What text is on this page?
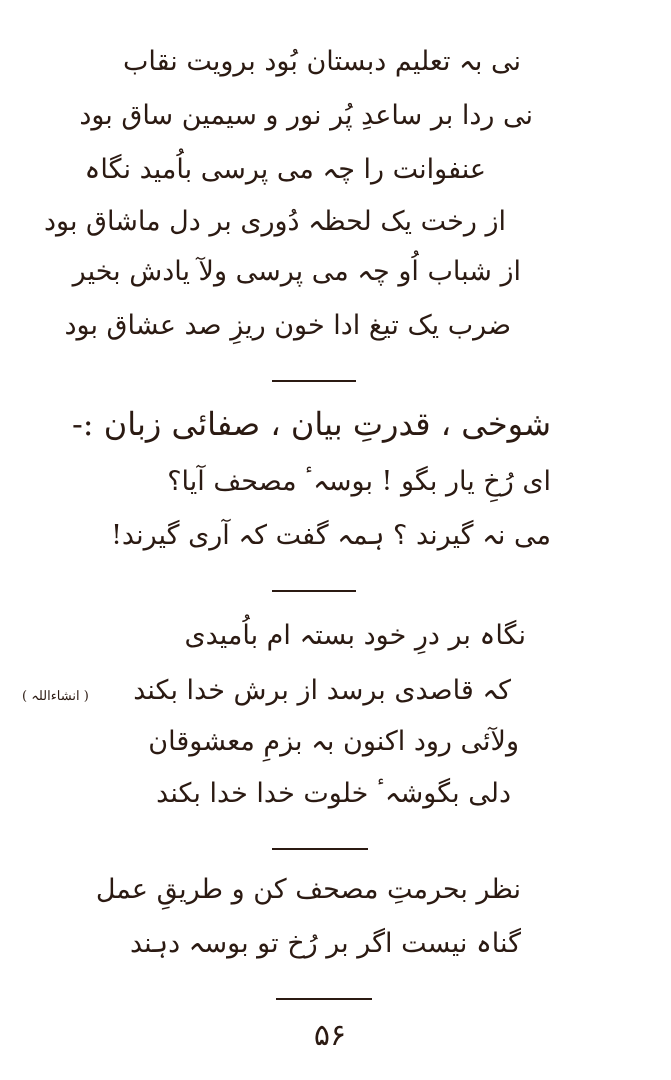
نی بہ تعلیم دبستان بُود برویت نقاب
نی ردا بر ساعدِ پُر نور و سیمین ساق بود
عنفوانت را چہ می پرسی باُمید نگاہ
از رخت یک لحظہ دُوری بر دل ماشاق بود
از شباب اُو چہ می پرسی ولآ یادش بخیر
ضرب یک تیغ ادا خون ریزِ صد عشاق بود
شوخی ، قدرتِ بیان ، صفائی زبان :-
ای رُخِ یار بگو ! بوسہٴ مصحف آیا؟
می نہ گیرند ؟ ہمہ گفت کہ آری گیرند!
نگاہ بر درِ خود بستہ ام باُمیدی
کہ قاصدی برسد از برش خدا بکند
( انشاءاللہ )
ولآئی رود اکنون بہ بزمِ معشوقان
دلی بگوشہٴ خلوت خدا خدا بکند
نظر بحرمتِ مصحف کن و طریقِ عمل
گناہ نیست اگر بر رُخ تو بوسہ دہند
۵۶
